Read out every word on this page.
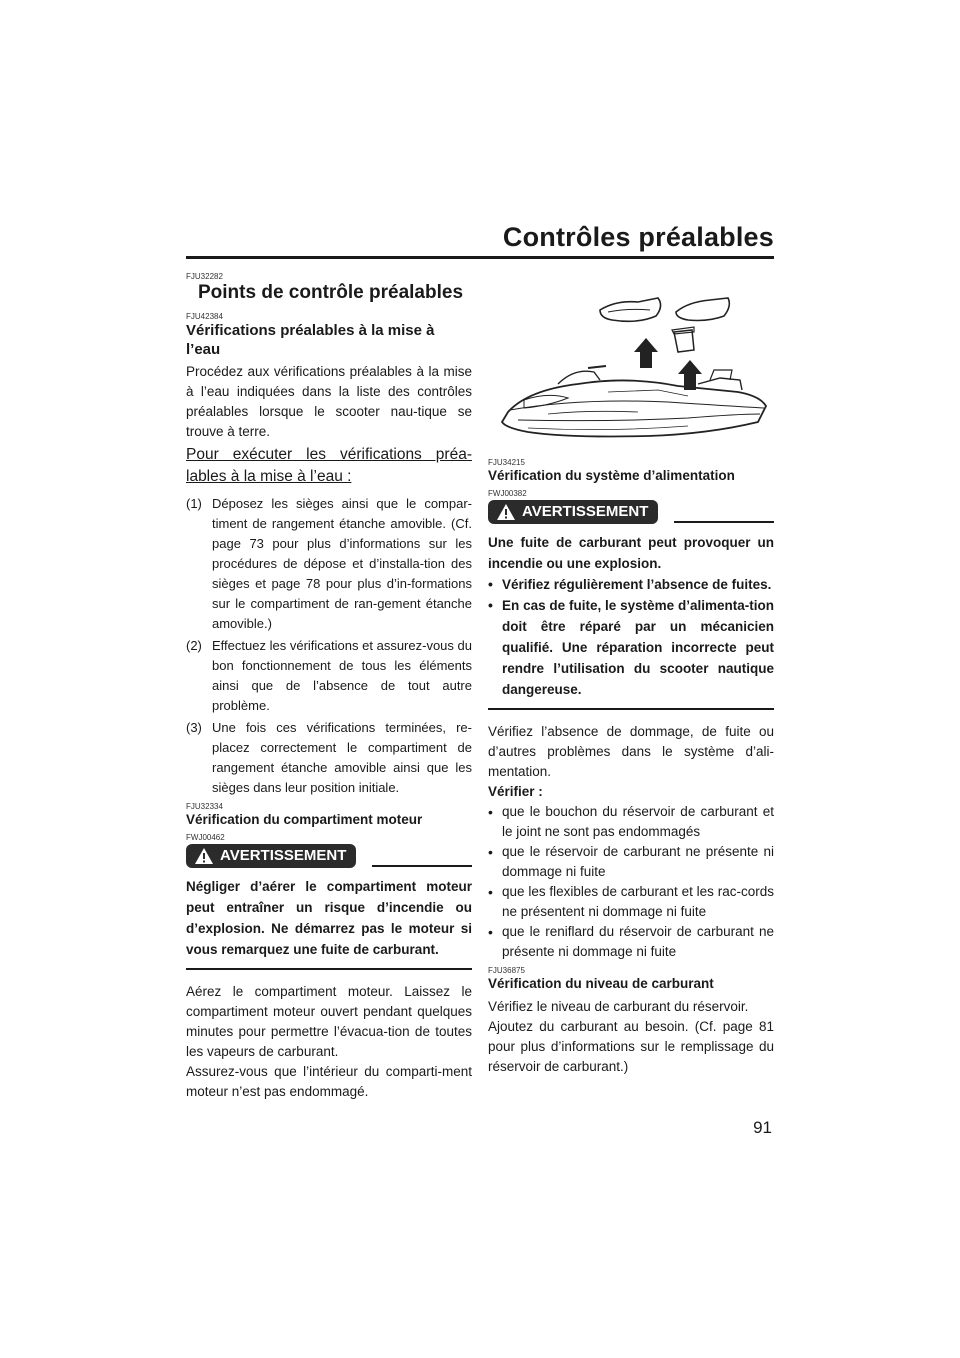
Contrôles préalables
FJU32282
Points de contrôle préalables
FJU42384
Vérifications préalables à la mise à l’eau

Procédez aux vérifications préalables à la mise à l’eau indiquées dans la liste des contrôles préalables lorsque le scooter nau-tique se trouve à terre.

Pour exécuter les vérifications préa-lables à la mise à l’eau :
(1) Déposez les sièges ainsi que le compar-timent de rangement étanche amovible. (Cf. page 73 pour plus d’informations sur les procédures de dépose et d’installa-tion des sièges et page 78 pour plus d’in-formations sur le compartiment de ran-gement étanche amovible.)
(2) Effectuez les vérifications et assurez-vous du bon fonctionnement de tous les éléments ainsi que de l’absence de tout autre problème.
(3) Une fois ces vérifications terminées, re-placez correctement le compartiment de rangement étanche amovible ainsi que les sièges dans leur position initiale.
FJU32334
Vérification du compartiment moteur
FWJ00462
AVERTISSEMENT

Négliger d’aérer le compartiment moteur peut entraîner un risque d’incendie ou d’explosion. Ne démarrez pas le moteur si vous remarquez une fuite de carburant.

Aérez le compartiment moteur. Laissez le compartiment moteur ouvert pendant quelques minutes pour permettre l’évacua-tion de toutes les vapeurs de carburant.

Assurez-vous que l’intérieur du comparti-ment moteur n’est pas endommagé.

FJU34215
Vérification du système d’alimentation
FWJ00382
AVERTISSEMENT

Une fuite de carburant peut provoquer un incendie ou une explosion.

• Vérifiez régulièrement l’absence de fuites.
• En cas de fuite, le système d’alimenta-tion doit être réparé par un mécanicien qualifié. Une réparation incorrecte peut rendre l’utilisation du scooter nautique dangereuse.

Vérifiez l’absence de dommage, de fuite ou d’autres problèmes dans le système d’ali-mentation.

Vérifier :

• que le bouchon du réservoir de carburant et le joint ne sont pas endommagés
• que le réservoir de carburant ne présente ni dommage ni fuite
• que les flexibles de carburant et les rac-cords ne présentent ni dommage ni fuite
• que le reniflard du réservoir de carburant ne présente ni dommage ni fuite
FJU36875
Vérification du niveau de carburant

Vérifiez le niveau de carburant du réservoir.

Ajoutez du carburant au besoin. (Cf. page 81 pour plus d’informations sur le remplissage du réservoir de carburant.)

91
